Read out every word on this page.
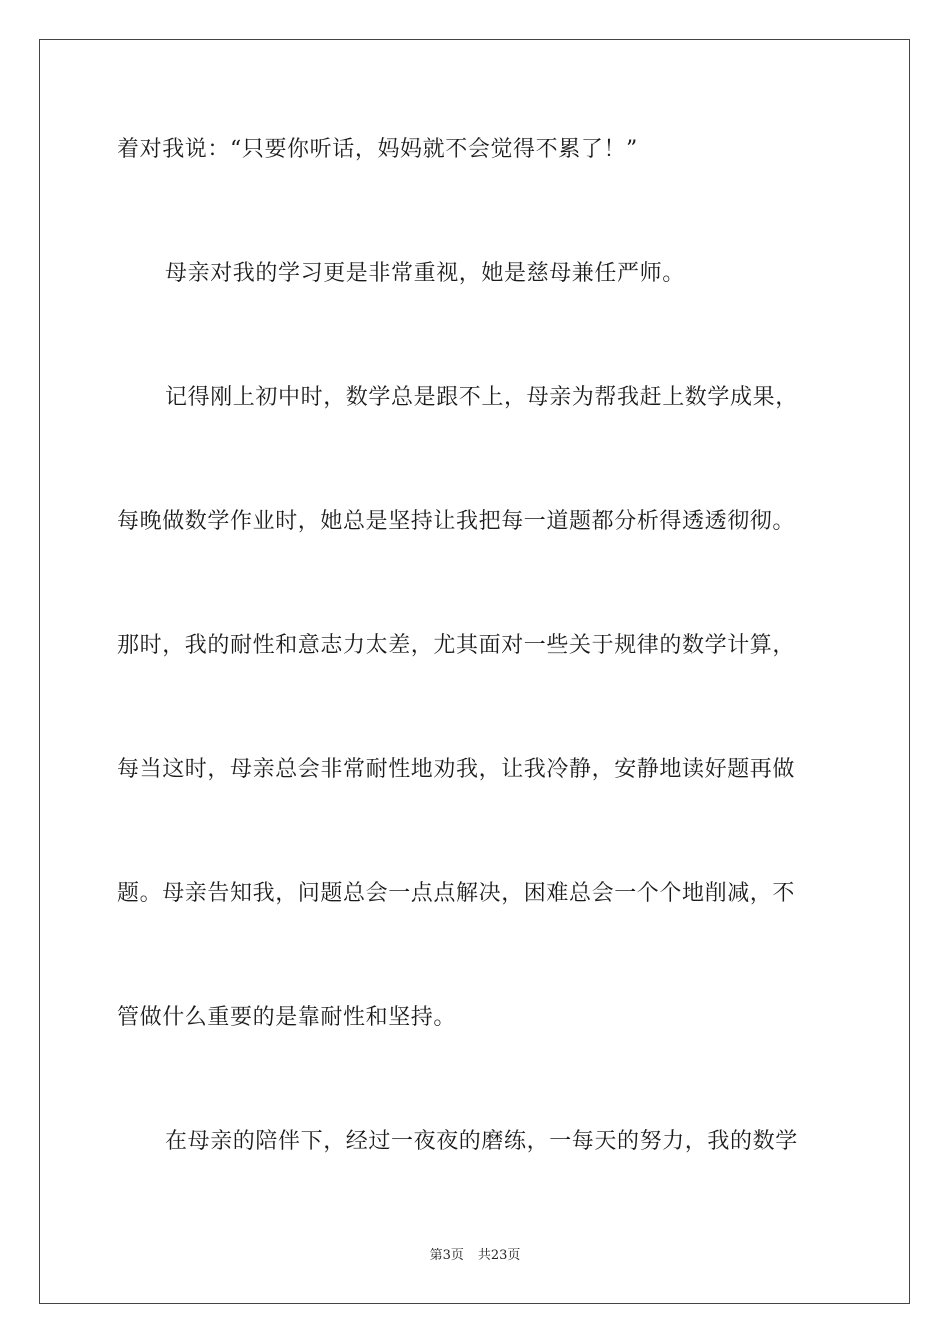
着对我说：“只要你听话，妈妈就不会觉得不累了！”
母亲对我的学习更是非常重视，她是慈母兼任严师。
记得刚上初中时，数学总是跟不上，母亲为帮我赶上数学成果，
每晚做数学作业时，她总是坚持让我把每一道题都分析得透透彻彻。
那时，我的耐性和意志力太差，尤其面对一些关于规律的数学计算，
每当这时，母亲总会非常耐性地劝我，让我冷静，安静地读好题再做
题。母亲告知我，问题总会一点点解决，困难总会一个个地削减，不
管做什么重要的是靠耐性和坚持。
在母亲的陪伴下，经过一夜夜的磨练，一每天的努力，我的数学
第3页 共23页
